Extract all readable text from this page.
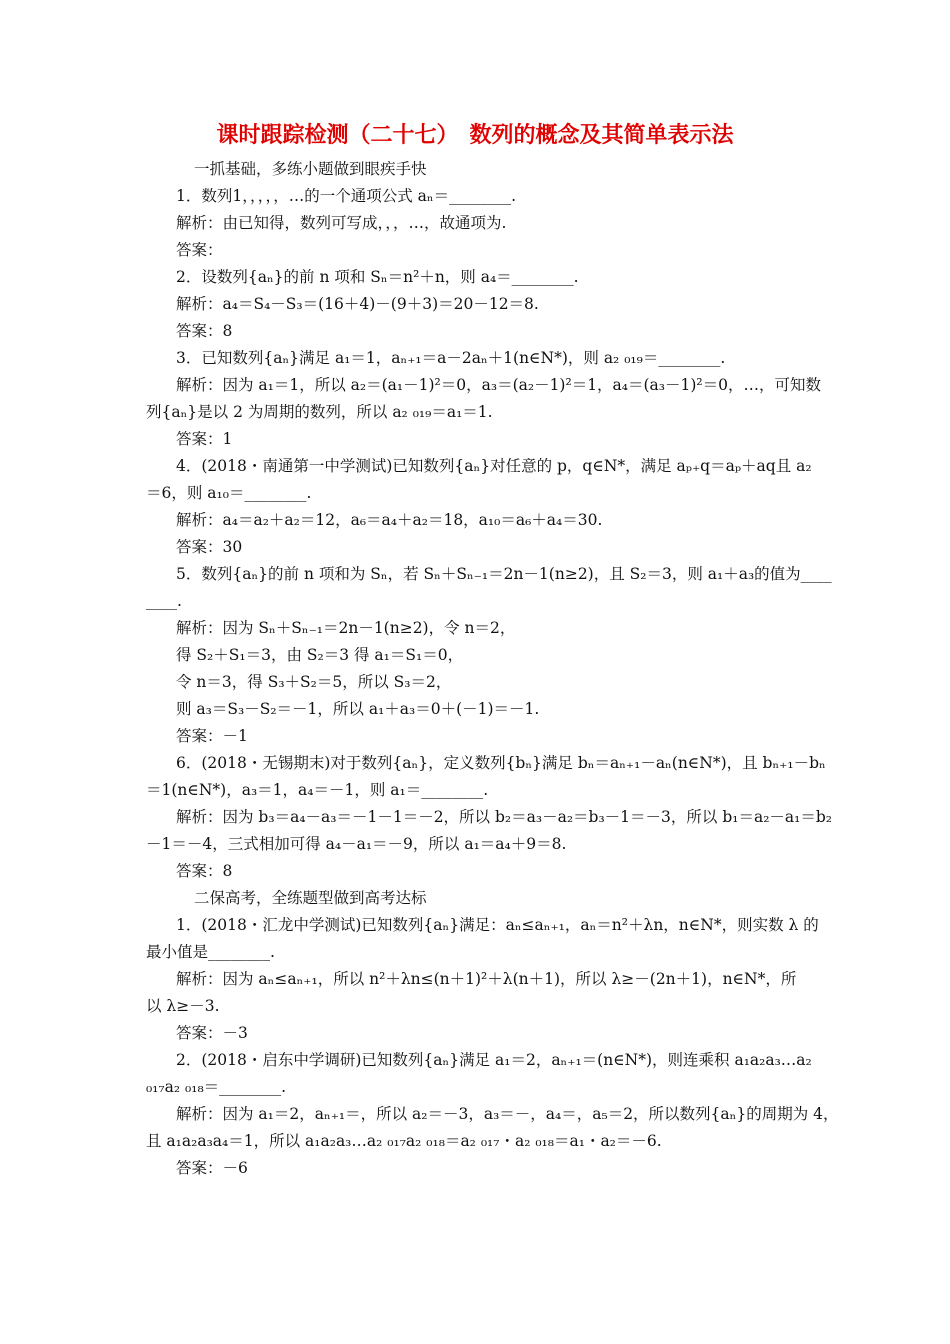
课时跟踪检测（二十七）　数列的概念及其简单表示法
一抓基础，多练小题做到眼疾手快
1．数列1，，，，，…的一个通项公式 aₙ＝________.
解析：由已知得，数列可写成，，，…，故通项为.
答案：
2．设数列{aₙ}的前 n 项和 Sₙ＝n²＋n，则 a₄＝________.
解析：a₄＝S₄－S₃＝(16＋4)－(9＋3)＝20－12＝8.
答案：8
3．已知数列{aₙ}满足 a₁＝1，aₙ₊₁＝a－2aₙ＋1(n∈N*)，则 a₂ ₀₁₉＝________.
解析：因为 a₁＝1，所以 a₂＝(a₁－1)²＝0，a₃＝(a₂－1)²＝1，a₄＝(a₃－1)²＝0，…，可知数
列{aₙ}是以 2 为周期的数列，所以 a₂ ₀₁₉＝a₁＝1.
答案：1
4．(2018・南通第一中学测试)已知数列{aₙ}对任意的 p，q∈N*，满足 aₚ₊q＝aₚ＋aq且 a₂
＝6，则 a₁₀＝________.
解析：a₄＝a₂＋a₂＝12，a₆＝a₄＋a₂＝18，a₁₀＝a₆＋a₄＝30.
答案：30
5．数列{aₙ}的前 n 项和为 Sₙ，若 Sₙ＋Sₙ₋₁＝2n－1(n≥2)，且 S₂＝3，则 a₁＋a₃的值为____
____.
解析：因为 Sₙ＋Sₙ₋₁＝2n－1(n≥2)，令 n＝2，
得 S₂＋S₁＝3，由 S₂＝3 得 a₁＝S₁＝0，
令 n＝3，得 S₃＋S₂＝5，所以 S₃＝2，
则 a₃＝S₃－S₂＝－1，所以 a₁＋a₃＝0＋(－1)＝－1.
答案：－1
6．(2018・无锡期末)对于数列{aₙ}，定义数列{bₙ}满足 bₙ＝aₙ₊₁－aₙ(n∈N*)，且 bₙ₊₁－bₙ
＝1(n∈N*)，a₃＝1，a₄＝－1，则 a₁＝________.
解析：因为 b₃＝a₄－a₃＝－1－1＝－2，所以 b₂＝a₃－a₂＝b₃－1＝－3，所以 b₁＝a₂－a₁＝b₂
－1＝－4，三式相加可得 a₄－a₁＝－9，所以 a₁＝a₄＋9＝8.
答案：8
二保高考，全练题型做到高考达标
1．(2018・汇龙中学测试)已知数列{aₙ}满足：aₙ≤aₙ₊₁，aₙ＝n²＋λn，n∈N*，则实数 λ 的
最小值是________.
解析：因为 aₙ≤aₙ₊₁，所以 n²＋λn≤(n＋1)²＋λ(n＋1)，所以 λ≥－(2n＋1)，n∈N*，所
以 λ≥－3.
答案：－3
2．(2018・启东中学调研)已知数列{aₙ}满足 a₁＝2，aₙ₊₁＝(n∈N*)，则连乘积 a₁a₂a₃…a₂
₀₁₇a₂ ₀₁₈＝________.
解析：因为 a₁＝2，aₙ₊₁＝，所以 a₂＝－3，a₃＝－，a₄＝，a₅＝2，所以数列{aₙ}的周期为 4，
且 a₁a₂a₃a₄＝1，所以 a₁a₂a₃…a₂ ₀₁₇a₂ ₀₁₈＝a₂ ₀₁₇・a₂ ₀₁₈＝a₁・a₂＝－6.
答案：－6
